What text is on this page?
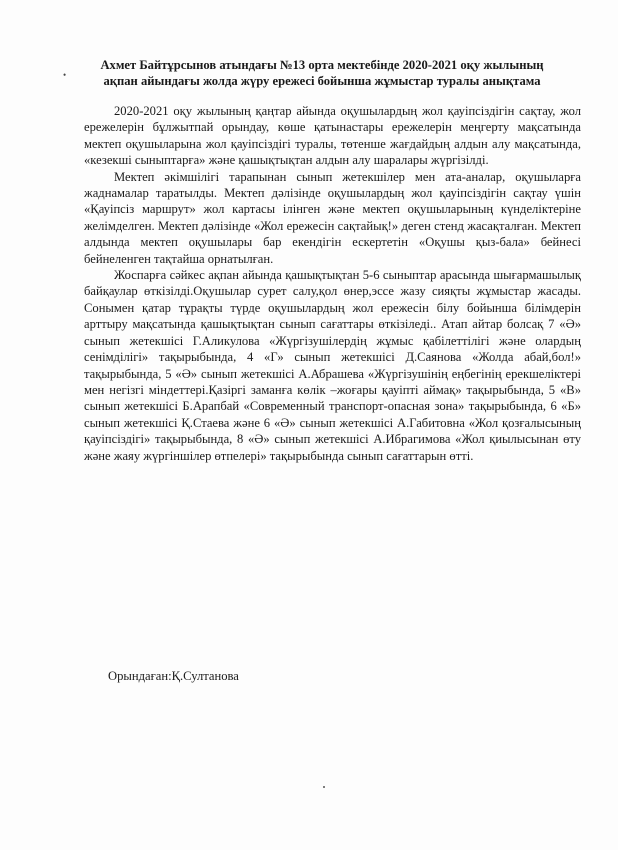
•
Ахмет Байтұрсынов атындағы №13 орта мектебінде 2020-2021 оқу жылының
ақпан айындағы жолда жүру ережесі бойынша жұмыстар туралы анықтама

2020-2021 оқу жылының қаңтар айында оқушылардың жол қауіпсіздігін сақтау, жол ережелерін бұлжытпай орындау, көше қатынастары ережелерін меңгерту мақсатында мектеп оқушыларына жол қауіпсіздігі туралы, төтенше жағдайдың алдын алу мақсатында, «кезекші сыныптарға» және қашықтықтан алдын алу шаралары жүргізілді.

Мектеп әкімшілігі тарапынан сынып жетекшілер мен ата-аналар, оқушыларға жаднамалар таратылды. Мектеп дәлізінде оқушылардың жол қауіпсіздігін сақтау үшін «Қауіпсіз маршрут» жол картасы ілінген және мектеп оқушыларының күнделіктеріне желімделген. Мектеп дәлізінде «Жол ережесін сақтайық!» деген стенд жасақталған. Мектеп алдында мектеп оқушылары бар екендігін ескертетін «Оқушы қыз-бала» бейнесі бейнеленген тақтайша орнатылған.

Жоспарға сәйкес ақпан айында қашықтықтан 5-6 сыныптар арасында шығармашылық байқаулар өткізілді.Оқушылар сурет салу,қол өнер,эссе жазу сияқты жұмыстар жасады. Сонымен қатар тұрақты түрде оқушылардың жол ережесін білу бойынша білімдерін арттыру мақсатында қашықтықтан сынып сағаттары өткізіледі.. Атап айтар болсақ 7 «Ә» сынып жетекшісі Г.Аликулова «Жүргізушілердің жұмыс қабілеттілігі және олардың сенімділігі» тақырыбында, 4 «Г» сынып жетекшісі Д.Саянова «Жолда абай,бол!» тақырыбында, 5 «Ә» сынып жетекшісі А.Абрашева «Жүргізушінің еңбегінің ерекшеліктері мен негізгі міндеттері.Қазіргі заманға көлік –жоғары қауіпті аймақ» тақырыбында, 5 «В» сынып жетекшісі Б.Арапбай «Современный транспорт-опасная зона» тақырыбында, 6 «Б» сынып жетекшісі Қ.Стаева және 6 «Ә» сынып жетекшісі А.Габитовна «Жол қозғалысының қауіпсіздігі» тақырыбында, 8 «Ә» сынып жетекшісі А.Ибрагимова «Жол қиылысынан өту және жаяу жүргіншілер өтпелері» тақырыбында сынып сағаттарын өтті.

Орындаған:Қ.Султанова
